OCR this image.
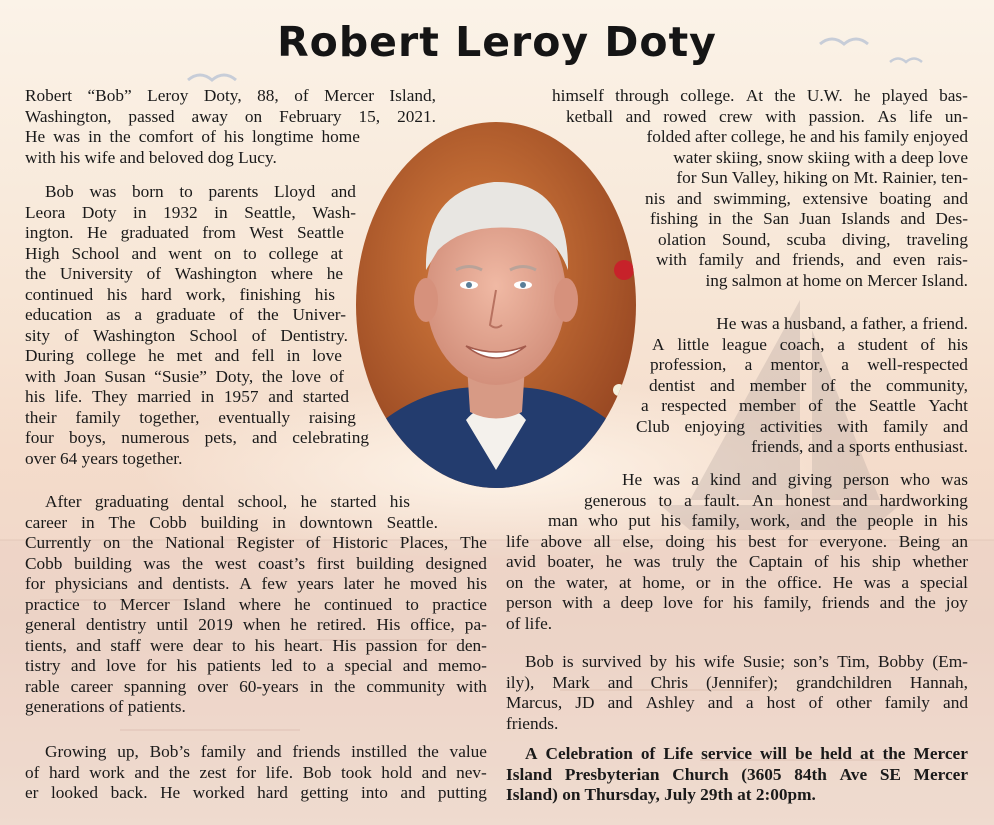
Robert Leroy Doty
Robert “Bob” Leroy Doty, 88, of Mercer Island,
Washington, passed away on February 15, 2021.
He was in the comfort of his longtime home
with his wife and beloved dog Lucy.
Bob was born to parents Lloyd and
Leora Doty in 1932 in Seattle, Wash-
ington. He graduated from West Seattle
High School and went on to college at
the University of Washington where he
continued his hard work, finishing his
education as a graduate of the Univer-
sity of Washington School of Dentistry.
During college he met and fell in love
with Joan Susan “Susie” Doty, the love of
his life. They married in 1957 and started
their family together, eventually raising
four boys, numerous pets, and celebrating
over 64 years together.
After graduating dental school, he started his
career in The Cobb building in downtown Seattle.
Currently on the National Register of Historic Places, The
Cobb building was the west coast’s first building designed
for physicians and dentists. A few years later he moved his
practice to Mercer Island where he continued to practice
general dentistry until 2019 when he retired. His office, pa-
tients, and staff were dear to his heart. His passion for den-
tistry and love for his patients led to a special and memo-
rable career spanning over 60-years in the community with
generations of patients.
Growing up, Bob’s family and friends instilled the value
of hard work and the zest for life. Bob took hold and nev-
er looked back. He worked hard getting into and putting
himself through college. At the U.W. he played bas-
ketball and rowed crew with passion. As life un-
folded after college, he and his family enjoyed
water skiing, snow skiing with a deep love
for Sun Valley, hiking on Mt. Rainier, ten-
nis and swimming, extensive boating and
fishing in the San Juan Islands and Des-
olation Sound, scuba diving, traveling
with family and friends, and even rais-
ing salmon at home on Mercer Island.
He was a husband, a father, a friend.
A little league coach, a student of his
profession, a mentor, a well-respected
dentist and member of the community,
a respected member of the Seattle Yacht
Club enjoying activities with family and
friends, and a sports enthusiast.
He was a kind and giving person who was
generous to a fault. An honest and hardworking
man who put his family, work, and the people in his
life above all else, doing his best for everyone. Being an
avid boater, he was truly the Captain of his ship whether
on the water, at home, or in the office. He was a special
person with a deep love for his family, friends and the joy
of life.
Bob is survived by his wife Susie; son’s Tim, Bobby (Em-
ily), Mark and Chris (Jennifer); grandchildren Hannah,
Marcus, JD and Ashley and a host of other family and
friends.
A Celebration of Life service will be held at the Mercer
Island Presbyterian Church (3605 84th Ave SE Mercer
Island) on Thursday, July 29th at 2:00pm.
